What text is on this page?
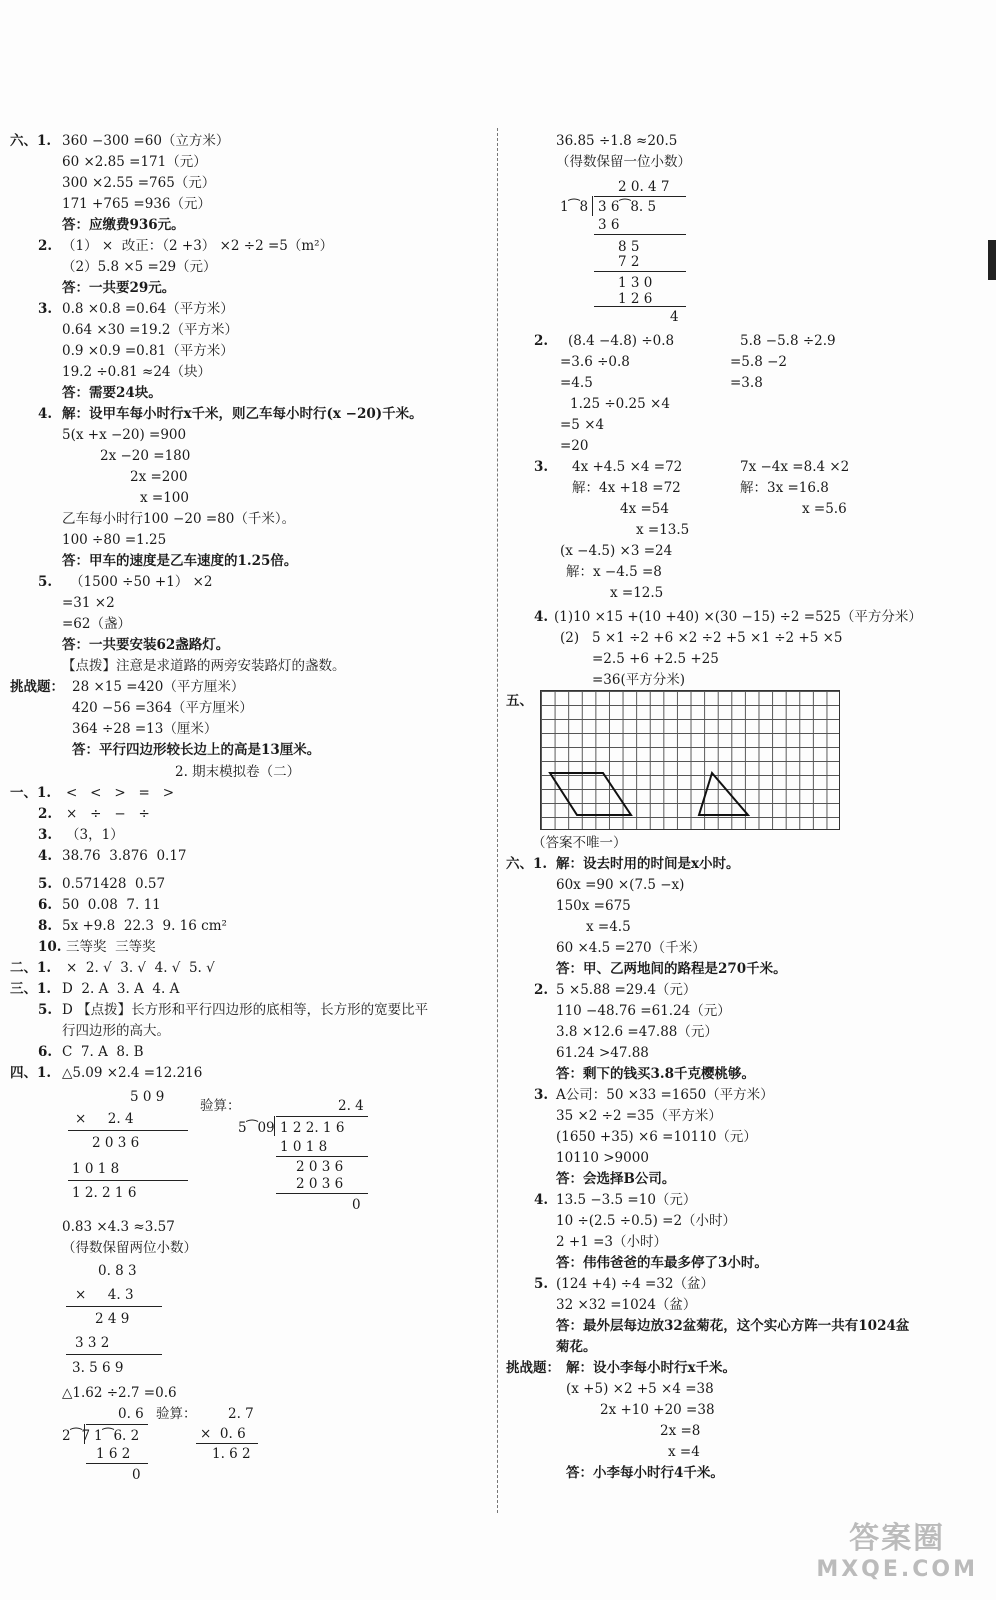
六、1. 360 −300 =60（立方米）
60 ×2.85 =171（元）
300 ×2.55 =765（元）
171 +765 =936（元）
答：应缴费936元。
2. （1） ×  改正：（2 +3） ×2 ÷2 =5（m²）
（2）5.8 ×5 =29（元）
答：一共要29元。
3. 0.8 ×0.8 =0.64（平方米）
0.64 ×30 =19.2（平方米）
0.9 ×0.9 =0.81（平方米）
19.2 ÷0.81 ≈24（块）
答：需要24块。
4. 解：设甲车每小时行x千米，则乙车每小时行(x −20)千米。
5(x +x −20) =900
2x −20 =180
2x =200
x =100
乙车每小时行100 −20 =80（千米）。
100 ÷80 =1.25
答：甲车的速度是乙车速度的1.25倍。
5. （1500 ÷50 +1） ×2
=31 ×2
=62（盏）
答：一共要安装62盏路灯。
【点拨】注意是求道路的两旁安装路灯的盏数。
挑战题： 28 ×15 =420（平方厘米）
420 −56 =364（平方厘米）
364 ÷28 =13（厘米）
答：平行四边形较长边上的高是13厘米。
2. 期末模拟卷（二）
一、1. <   <   >   =   >
2. ×   ÷   −   ÷
3. （3，1）
4. 38.76  3.876  0.17
5. 0.571428  0.57
6. 50  0.08  7. 11
8. 5x +9.8  22.3  9. 16 cm²
10. 三等奖  三等奖
二、1. ×  2. √  3. √  4. √  5. √
三、1. D  2. A  3. A  4. A
5. D 【点拨】长方形和平行四边形的底相等，长方形的宽要比平
行四边形的高大。
6. C  7. A  8. B
四、1. △5.09 ×2.4 =12.216
5 0 9
×     2. 4
2 0 3 6
1 0 1 8
1 2. 2 1 6
验算：	2. 4
5⁀09 1 2 2. 1 6
1 0 1 8
2 0 3 6
2 0 3 6
0
0.83 ×4.3 ≈3.57
（得数保留两位小数）
0. 8 3
×     4. 3
2 4 9
3 3 2
3. 5 6 9
△1.62 ÷2.7 =0.6
0. 6
2⁀7 1⁀6. 2
1 6 2
0
验算： 2. 7
×  0. 6
1. 6 2
36.85 ÷1.8 ≈20.5
（得数保留一位小数）
2 0. 4 7
1⁀8 3 6⁀8. 5
3 6
8 5
7 2
1 3 0
1 2 6
4
2. (8.4 −4.8) ÷0.8
=3.6 ÷0.8
=4.5
1.25 ÷0.25 ×4
=5 ×4
=20
5.8 −5.8 ÷2.9
=5.8 −2
=3.8
3. 4x +4.5 ×4 =72
解：4x +18 =72
4x =54
x =13.5
(x −4.5) ×3 =24
解：x −4.5 =8
x =12.5
7x −4x =8.4 ×2
解：3x =16.8
x =5.6
4. (1)10 ×15 +(10 +40) ×(30 −15) ÷2 =525（平方分米）
(2)   5 ×1 ÷2 +6 ×2 ÷2 +5 ×1 ÷2 +5 ×5
=2.5 +6 +2.5 +25
=36(平方分米)
五、
（答案不唯一）
六、1. 解：设去时用的时间是x小时。
60x =90 ×(7.5 −x)
150x =675
x =4.5
60 ×4.5 =270（千米）
答：甲、乙两地间的路程是270千米。
2. 5 ×5.88 =29.4（元）
110 −48.76 =61.24（元）
3.8 ×12.6 =47.88（元）
61.24 >47.88
答：剩下的钱买3.8千克樱桃够。
3. A公司：50 ×33 =1650（平方米）
35 ×2 ÷2 =35（平方米）
(1650 +35) ×6 =10110（元）
10110 >9000
答：会选择B公司。
4. 13.5 −3.5 =10（元）
10 ÷(2.5 ÷0.5) =2（小时）
2 +1 =3（小时）
答：伟伟爸爸的车最多停了3小时。
5. (124 +4) ÷4 =32（盆）
32 ×32 =1024（盆）
答：最外层每边放32盆菊花，这个实心方阵一共有1024盆
菊花。
挑战题： 解：设小李每小时行x千米。
(x +5) ×2 +5 ×4 =38
2x +10 +20 =38
2x =8
x =4
答：小李每小时行4千米。
答案圈
MXQE.COM
